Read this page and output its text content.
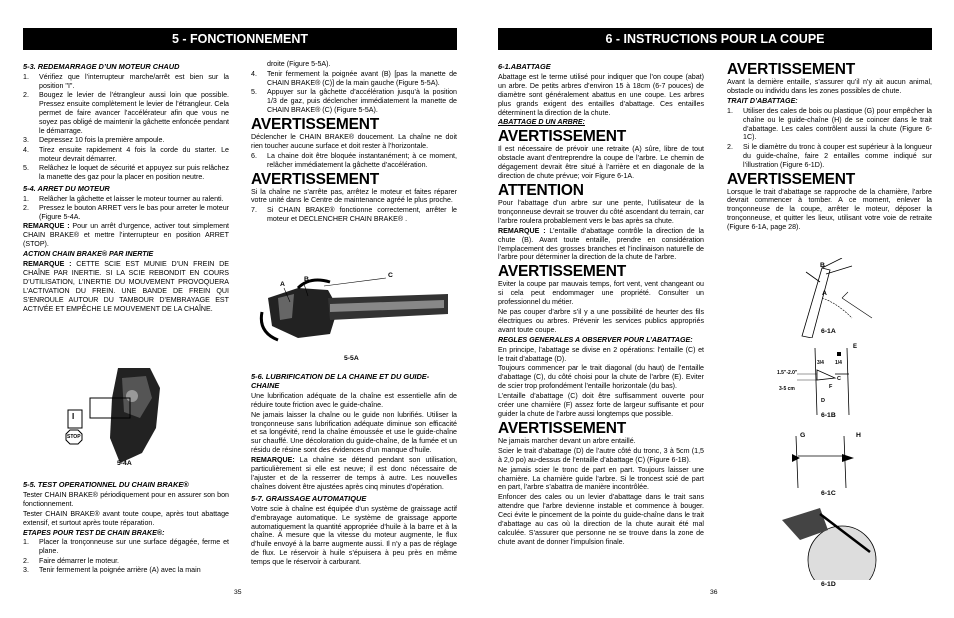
5 - FONCTIONNEMENT
5-3. REDEMARRAGE D’UN MOTEUR CHAUD
1. Vérifiez que l’interrupteur marche/arrêt est bien sur la position "I".
2. Bougez le levier de l’étrangleur aussi loin que possible. Pressez ensuite complètement le levier de l’étrangleur. Cela permet de faire avancer l’accélérateur afin que vous ne soyez pas obligé de maintenir la gâchette enfoncée pendant le démarrage.
3. Depressez 10 fois la première ampoule.
4. Tirez ensuite rapidement 4 fois la corde du starter. Le moteur devrait démarrer.
5. Relâchez le loquet de sécurité et appuyez sur puis relâchez la manette des gaz pour la placer en position neutre.
5-4. ARRET DU MOTEUR
1. Relâcher la gâchette et laisser le moteur tourner au ralenti.
2. Pressez le bouton ARRET vers le bas pour arreter le moteur (Figure 5-4A.

REMARQUE : Pour un arrêt d’urgence, activer tout simplement CHAIN BRAKE® et mettre l’interrupteur en position ARRET (STOP).

ACTION CHAIN BRAKE® PAR INERTIE

REMARQUE : CETTE SCIE EST MUNIE D’UN FREIN DE CHAÎNE PAR INERTIE. SI LA SCIE REBONDIT EN COURS D’UTILISATION, L’INERTIE DU MOUVEMENT PROVOQUERA L’ACTIVATION DU FREIN. UNE BANDE DE FREIN QUI S’ENROULE AUTOUR DU TAMBOUR D’EMBRAYAGE EST ACTIVÉE ET EMPÊCHE LE MOUVEMENT DE LA CHAÎNE.

I
STOP
5-4A
5-5. TEST OPERATIONNEL DU CHAIN BRAKE®

Tester CHAIN BRAKE® périodiquement pour en assurer son bon fonctionnement.

Tester CHAIN BRAKE® avant toute coupe, après tout abattage extensif, et surtout après toute réparation.

ETAPES POUR TEST DE CHAIN BRAKE®:
1. Placer la tronçonneuse sur une surface dégagée, ferme et plane.
2. Faire démarrer le moteur.
3. Tenir fermement la poignée arrière (A) avec la main

droite (Figure 5-5A).

4. Tenir fermement la poignée avant (B) [pas la manette de CHAIN BRAKE® (C)] de la main gauche (Figure 5-5A).
5. Appuyer sur la gâchette d’accélération jusqu’à la position 1/3 de gaz, puis déclencher immédiatement la manette de CHAIN BRAKE® (C) (Figure 5-5A).
AVERTISSEMENT

Déclencher le CHAIN BRAKE® doucement. La chaîne ne doit rien toucher aucune surface et doit rester à l’horizontale.

6. La chaine doit être bloquée instantanément; à ce moment, relâcher immédiatement la gâchette d’accélération.
AVERTISSEMENT

Si la chaîne ne s’arrête pas, arrêtez le moteur et faites réparer votre unité dans le Centre de maintenance agréé le plus proche.

7. Si CHAIN BRAKE® fonctionne correctement, arrêter le moteur et DECLENCHER CHAIN BRAKE® .
A
B
C
5-5A
5-6. LUBRIFICATION DE LA CHAINE ET DU GUIDE-CHAINE

Une lubrification adéquate de la chaîne est essentielle afin de réduire toute friction avec le guide-chaîne.

Ne jamais laisser la chaîne ou le guide non lubrifiés. Utiliser la tronçonneuse sans lubrification adéquate diminue son efficacité et sa longévité, rend la chaîne émoussée et use le guide-chaîne sur chauffé. Une décoloration du guide-chaîne, de la fumée et un résidu de résine sont des évidences d’un manque d’huile.

REMARQUE: La chaîne se détend pendant son utilisation, particulièrement si elle est neuve; il est donc nécessaire de l’ajuster et de la resserrer de temps à autre. Les nouvelles chaînes doivent être ajustées après cinq minutes d’opération.

5-7. GRAISSAGE AUTOMATIQUE

Votre scie à chaîne est équipée d’un système de graissage actif d’embrayage automatique. Le système de graissage apporte automatiquement la quantité appropriée d’huile à la barre et à la chaîne. À mesure que la vitesse du moteur augmente, le flux d’huile envoyé à la barre augmente aussi. Il n’y a pas de réglage de flux. Le réservoir à huile s’épuisera à peu près en même temps que le réservoir à carburant.

35
6 - INSTRUCTIONS POUR LA COUPE
6-1.ABATTAGE

Abattage est le terme utilisé pour indiquer que l’on coupe (abat) un arbre. De petits arbres d’environ 15 à 18cm (6-7 pouces) de diamètre sont généralement abattus en une coupe. Les arbres plus grands exigent des entailles d’abattage. Ces entailles déterminent la direction de la chute.

ABATTAGE D UN ARBRE:
AVERTISSEMENT

Il est nécessaire de prévoir une retraite (A) sûre, libre de tout obstacle avant d’entreprendre la coupe de l’arbre. Le chemin de dégagement devrait être situé à l’arrière et en diagonale de la direction de chute prévue; voir Figure 6-1A.

ATTENTION

Pour l’abattage d’un arbre sur une pente, l’utilisateur de la tronçonneuse devrait se trouver du côté ascendant du terrain, car l’arbre roulera probablement vers le bas après sa chute.

REMARQUE : L’entaille d’abattage contrôle la direction de la chute (B). Avant toute entaille, prendre en considération l’emplacement des grosses branches et l’inclinaison naturelle de l’arbre pour déterminer la direction de la chute de l’arbre.

AVERTISSEMENT

Eviter la coupe par mauvais temps, fort vent, vent changeant ou si cela peut endommager une propriété. Consulter un professionnel du métier.

Ne pas couper d’arbre s’il y a une possibilité de heurter des fils électriques ou arbres. Prévenir les services publics appropriés avant toute coupe.

REGLES GENERALES A OBSERVER POUR L’ABATTAGE:

En principe, l’abattage se divise en 2 opérations: l’entaille (C) et le trait d’abattage (D).

Toujours commencer par le trait diagonal (du haut) de l’entaille d’abattage (C), du côté choisi pour la chute de l’arbre (E). Eviter de scier trop profondément l’entaille horizontale (du bas).

L’entaille d’abattage (C) doit être suffisamment ouverte pour créer une charnière (F) assez forte de largeur suffisante et pour guider la chute de l’arbre aussi longtemps que possible.

AVERTISSEMENT

Ne jamais marcher devant un arbre entaillé.

Scier le trait d’abattage (D) de l’autre côté du tronc, 3 à 5cm (1,5 à 2,0 po) au-dessus de l’entaille d’abattage (C) (Figure 6-1B).

Ne jamais scier le tronc de part en part. Toujours laisser une charnière. La charnière guide l’arbre. Si le troncest scié de part en part, l’arbre s’abattra de manière incontrôlée.

Enfoncer des cales ou un levier d’abattage dans le trait sans attendre que l’arbre devienne instable et commence à bouger. Ceci évite le pincement de la pointe du guide-chaîne dans le trait d’abattage au cas où la direction de la chute aurait été mal calculée. S’assurer que personne ne se trouve dans la zone de chute avant de donner l’impulsion finale.

AVERTISSEMENT

Avant la dernière entaille, s’assurer qu’il n’y ait aucun animal, obstacle ou individu dans les zones possibles de chute.

TRAIT D’ABATTAGE:
1. Utiliser des cales de bois ou plastique (G) pour empêcher la chaîne ou le guide-chaîne (H) de se coincer dans le trait d’abattage. Les cales contrôlent aussi la chute (Figure 6-1C).
2. Si le diamètre du tronc à couper est supérieur à la longueur du guide-chaîne, faire 2 entailles comme indiqué sur l’illustration (Figure 6-1D).
AVERTISSEMENT

Lorsque le trait d’abattage se rapproche de la charnière, l’arbre devrait commencer à tomber. A ce moment, enlever la tronçonneuse de la coupe, arrêter le moteur, déposer la tronçonneuse, et quitter les lieux, utilisant votre voie de retraite (Figure 6-1A, page 28).

B
A
6-1A
3/4 1/4
1.5"-2.0"
3-5 cm
C
D
F
E
6-1B
G	H
6-1C
6-1D
36
